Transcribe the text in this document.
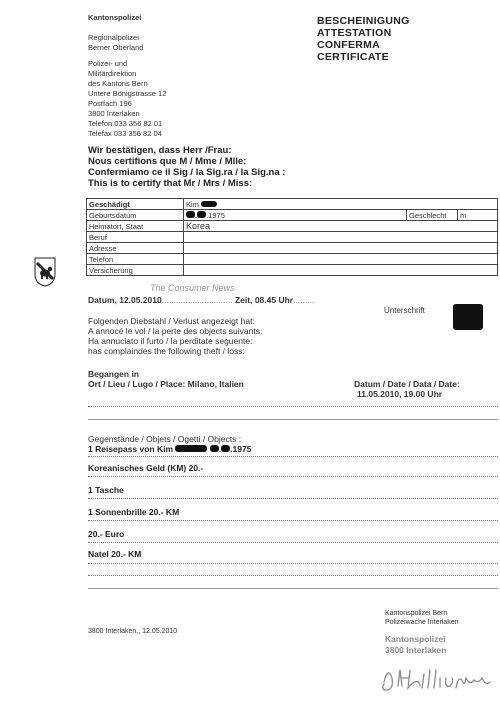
Kantonspolizei
Regionalpolizei
Berner Oberland
Polizei- und
Militärdirektion
des Kantons Bern
Untere Bönigstrasse 12
Postfach 196
3800 Interlaken
Telefon 033 356 82 01
Telefax 033 356 82 04
BESCHEINIGUNG
ATTESTATION
CONFERMA
CERTIFICATE
Wir bestätigen, dass Herr /Frau:
Nous certifions que M / Mme / Mlle:
Confermiamo ce il Sig / la Sig.ra / la Sig.na :
This is to certify that Mr / Mrs / Miss:
Geschädigt	Kim		
Geburtsdatum	. .1975	Geschlecht	m
Heimatort, Staat	Korea		
Beruf			
Adresse			
Telefon			
Versicherung			
Datum, 12.05.2010.............................. Zeit, 08.45 Uhr.........
Unterschrift
The Consumer News
Folgenden Diebstahl / Verlust angezeigt hat:
A annocé le vol / la perte des objects suivants:
Ha annuciato il furto / la perditate seguente:
has complaindes the following theft / loss:
Begangen in
Ort / Lieu / Lugo / Place: Milano, Italien	Datum / Date / Data / Date:
11.05.2010, 19.00 Uhr
Gegenstände / Objets / Ogetti / Objects :
1 Reisepass von Kim	. .1975
Koreanisches Geld (KM) 20.-
1 Tasche
1 Sonnenbrille 20.- KM
20.- Euro
Natel 20.- KM
3800 Interlaken,, 12.05.2010
Kantonspolizei Bern
Polizeiwache Interlaken
Kantonspolizei
3800 Interlaken
